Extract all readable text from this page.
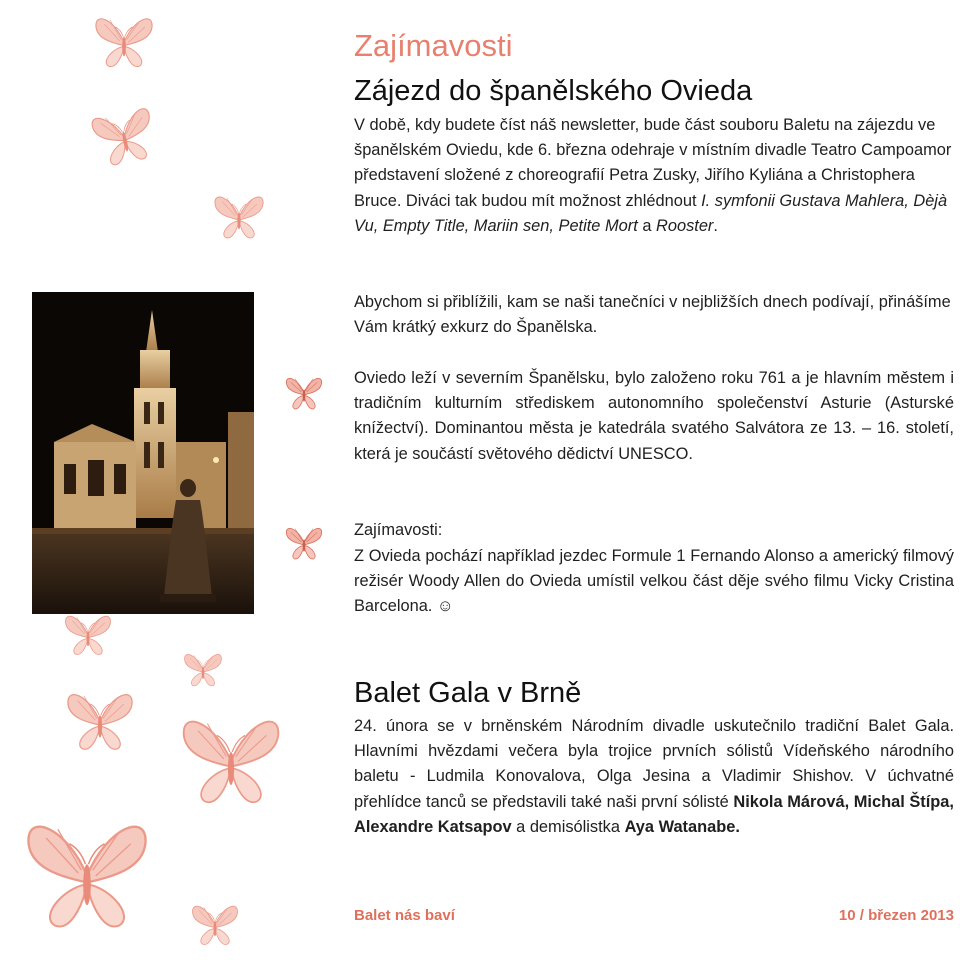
Zajímavosti
Zájezd do španělského Ovieda

V době, kdy budete číst náš newsletter, bude část souboru Baletu na zájezdu ve španělském Oviedu, kde 6. března odehraje v místním divadle Teatro Campoamor představení složené z choreografií Petra Zusky, Jiřího Kyliána a Christophera Bruce. Diváci tak budou mít možnost zhlédnout I. symfonii Gustava Mahlera, Dèjà Vu, Empty Title, Mariin sen, Petite Mort a Rooster.

Abychom si přiblížili, kam se naši tanečníci v nejbližších dnech podívají, přinášíme Vám krátký exkurz do Španělska.

Oviedo leží v severním Španělsku, bylo založeno roku 761 a je hlavním městem i tradičním kulturním střediskem autonomního společenství Asturie (Asturské knížectví). Dominantou města je katedrála svatého Salvátora ze 13. – 16. století, která je součástí světového dědictví UNESCO.

Zajímavosti:

Z Ovieda pochází například jezdec Formule 1 Fernando Alonso a americký filmový režisér Woody Allen do Ovieda umístil velkou část děje svého filmu Vicky Cristina Barcelona. ☺

Balet Gala v Brně

24. února se v brněnském Národním divadle uskutečnilo tradiční Balet Gala. Hlavními hvězdami večera byla trojice prvních sólistů Vídeňského národního baletu - Ludmila Konovalova, Olga Jesina a Vladimir Shishov. V úchvatné přehlídce tanců se představili také naši první sólisté Nikola Márová, Michal Štípa, Alexandre Katsapov a demisólistka Aya Watanabe.

Balet nás baví	10 / březen 2013
